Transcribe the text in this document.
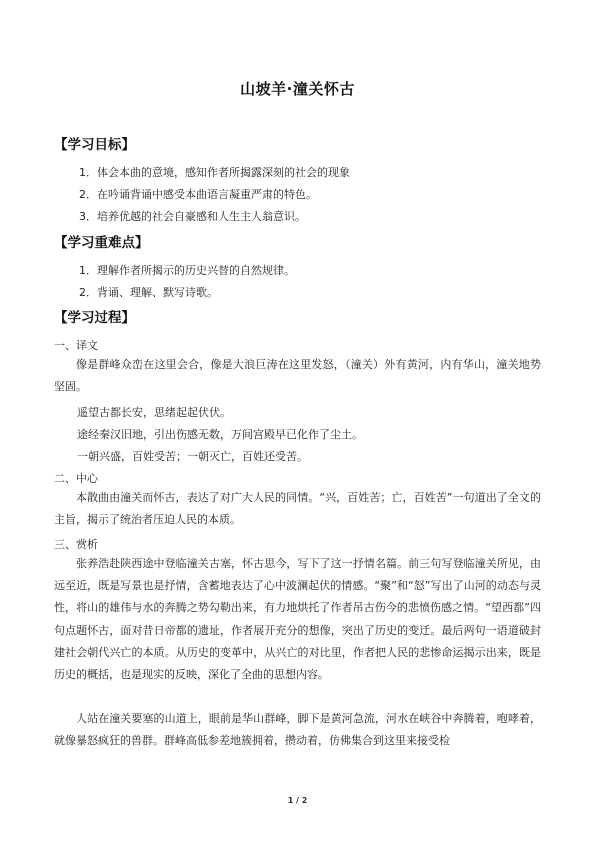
山坡羊·潼关怀古
【学习目标】
1．体会本曲的意境，感知作者所揭露深刻的社会的现象
2．在吟诵背诵中感受本曲语言凝重严肃的特色。
3．培养优越的社会自豪感和人生主人翁意识。
【学习重难点】
1．理解作者所揭示的历史兴替的自然规律。
2．背诵、理解、默写诗歌。
【学习过程】
一、译文

像是群峰众峦在这里会合，像是大浪巨涛在这里发怒，（潼关）外有黄河，内有华山，潼关地势坚固。

遥望古都长安，思绪起起伏伏。
途经秦汉旧地，引出伤感无数，万间宫殿早已化作了尘土。
一朝兴盛，百姓受苦；一朝灭亡，百姓还受苦。
二、中心

本散曲由潼关而怀古，表达了对广大人民的同情。“兴，百姓苦；亡，百姓苦”一句道出了全文的主旨，揭示了统治者压迫人民的本质。

三、赏析

张养浩赴陕西途中登临潼关古塞，怀古思今，写下了这一抒情名篇。前三句写登临潼关所见，由远至近，既是写景也是抒情，含蓄地表达了心中波澜起伏的情感。“聚”和“怒”写出了山河的动态与灵性，将山的雄伟与水的奔腾之势勾勒出来，有力地烘托了作者吊古伤今的悲愤伤感之情。“望西都”四句点题怀古，面对昔日帝都的遗址，作者展开充分的想像，突出了历史的变迁。最后两句一语道破封建社会朝代兴亡的本质。从历史的变革中，从兴亡的对比里，作者把人民的悲惨命运揭示出来，既是历史的概括，也是现实的反映，深化了全曲的思想内容。

人站在潼关要塞的山道上，眼前是华山群峰，脚下是黄河急流，河水在峡谷中奔腾着，咆哮着，就像暴怒疯狂的兽群。群峰高低参差地簇拥着，攒动着，仿佛集合到这里来接受检

1 / 2
